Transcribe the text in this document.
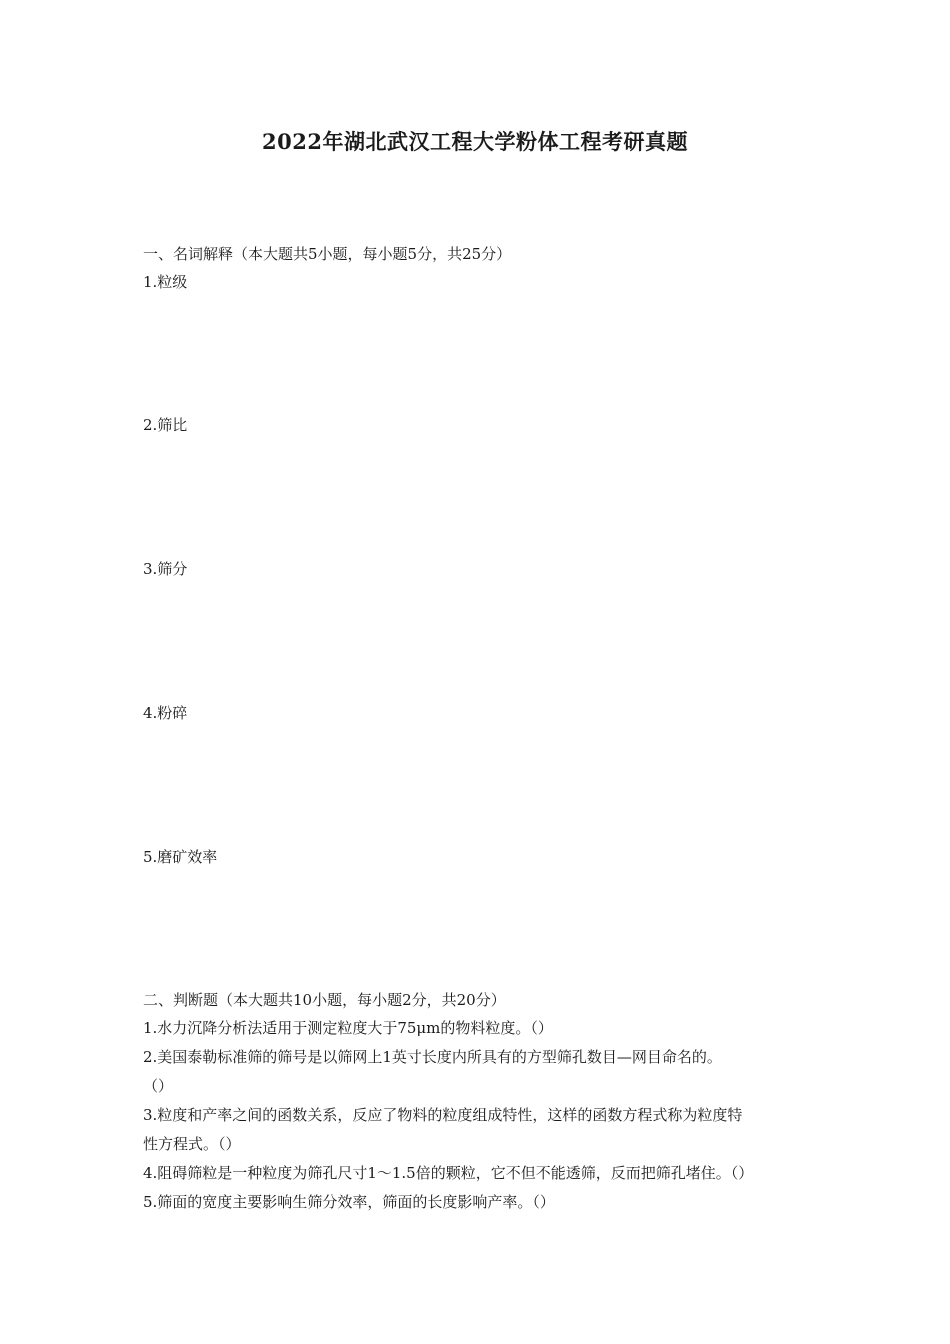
2022年湖北武汉工程大学粉体工程考研真题
一、名词解释（本大题共5小题，每小题5分，共25分）
1.粒级
2.筛比
3.筛分
4.粉碎
5.磨矿效率
二、判断题（本大题共10小题，每小题2分，共20分）
1.水力沉降分析法适用于测定粒度大于75μm的物料粒度。（）
2.美国泰勒标准筛的筛号是以筛网上1英寸长度内所具有的方型筛孔数目—网目命名的。
（）
3.粒度和产率之间的函数关系，反应了物料的粒度组成特性，这样的函数方程式称为粒度特
性方程式。（）
4.阻碍筛粒是一种粒度为筛孔尺寸1～1.5倍的颗粒，它不但不能透筛，反而把筛孔堵住。（）
5.筛面的宽度主要影响生筛分效率，筛面的长度影响产率。（）
